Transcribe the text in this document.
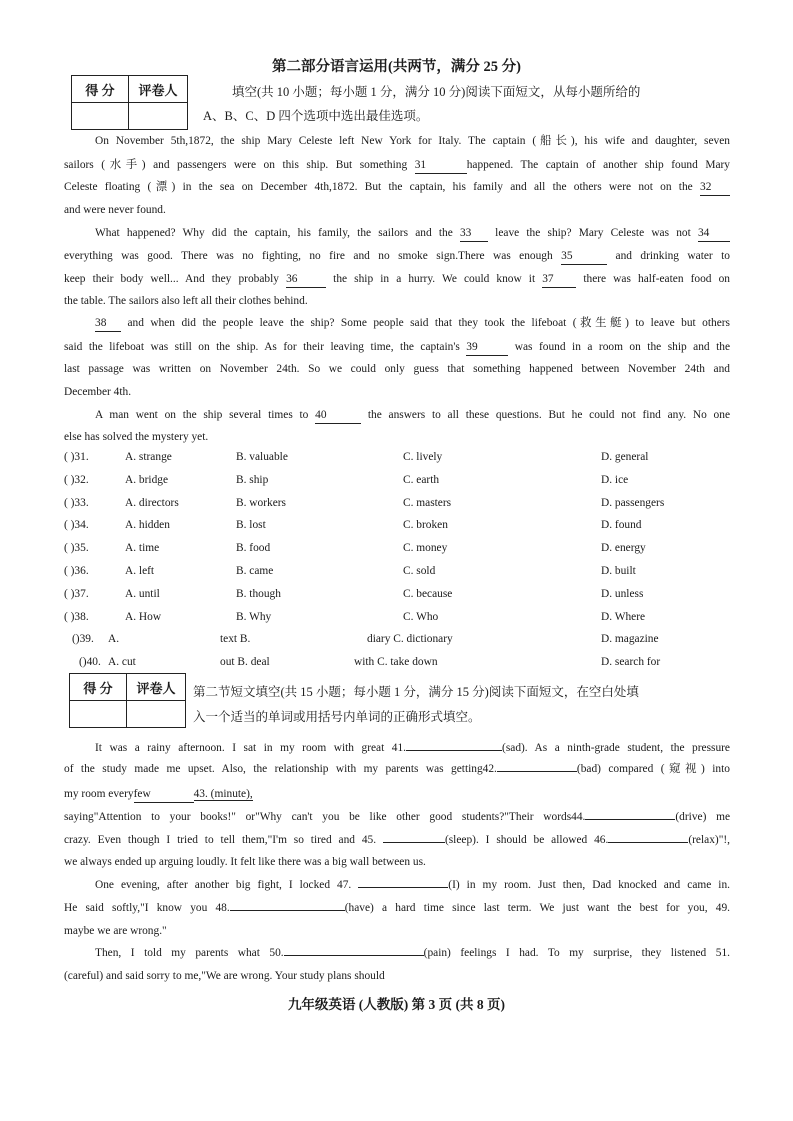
第二部分语言运用(共两节，满分 25 分)
得 分	评卷人
		填空(共 10 小题；每小题 1 分，满分 10 分)阅读下面短文，从每小题所给的
A、B、C、D 四个选项中选出最佳选项。
On November 5th,1872, the ship Mary Celeste left New York for Italy. The captain (船长), his wife and daughter, seven
sailors (水手) and passengers were on this ship. But something 31	happened. The captain of another ship found Mary
Celeste floating (漂) in the sea on December 4th,1872. But the captain, his family and all the others were not on the 32
and were never found.
What happened? Why did the captain, his family, the sailors and the 33 leave the ship? Mary Celeste was not 34
everything was good. There was no fighting, no fire and no smoke sign.There was enough 35	and drinking water to
keep their body well... And they probably 36	the ship in a hurry. We could know it 37 there was half-eaten food on
the table. The sailors also left all their clothes behind.
38 and when did the people leave the ship? Some people said that they took the lifeboat (救生艇) to leave but others
said the lifeboat was still on the ship. As for their leaving time, the captain's 39	was found in a room on the ship and the
last passage was written on November 24th. So we could only guess that something happened between November 24th and
December 4th.
A man went on the ship several times to 40	the answers to all these questions. But he could not find any. No one
else has solved the mystery yet.
( )31.	A. strange	B. valuable	C. lively	D. general
( )32.	A. bridge	B. ship	C. earth	D. ice
( )33.	A. directors	B. workers	C. masters	D. passengers
( )34.	A. hidden	B. lost	C. broken	D. found
( )35.	A. time	B. food	C. money	D. energy
( )36.	A. left	B. came	C. sold	D. built
( )37.	A. until	B. though	C. because	D. unless
( )38.	A. How	B. Why	C. Who	D. Where
()39. A.	text B.	diary C. dictionary	D. magazine
()40. A. cut	out B. deal	with C. take down	D. search for
得 分	评卷人
	第二节短文填空(共 15 小题；每小题 1 分，满分 15 分)阅读下面短文，在空白处填
入一个适当的单词或用括号内单词的正确形式填空。
It was a rainy afternoon. I sat in my room with great 41.	(sad). As a ninth-grade student, the pressure
of the study made me upset. Also, the relationship with my parents was getting42.	(bad) compared (窥视) into
my room everyfew	43. (minute),
saying"Attention to your books!" or"Why can't you be like other good students?"Their words44.	(drive) me
crazy. Even though I tried to tell them,"I'm so tired and 45.	(sleep). I should be allowed 46.	(relax)"!,
we always ended up arguing loudly. It felt like there was a big wall between us.
One evening, after another big fight, I locked 47.	(I) in my room. Just then, Dad knocked and came in.
He said softly,"I know you 48.	(have) a hard time since last term. We just want the best for you, 49.
maybe we are wrong."
Then, I told my parents what 50.	(pain) feelings I had. To my surprise, they listened 51.
(careful) and said sorry to me,"We are wrong. Your study plans should
九年级英语 (人教版) 第 3 页 (共 8 页)
